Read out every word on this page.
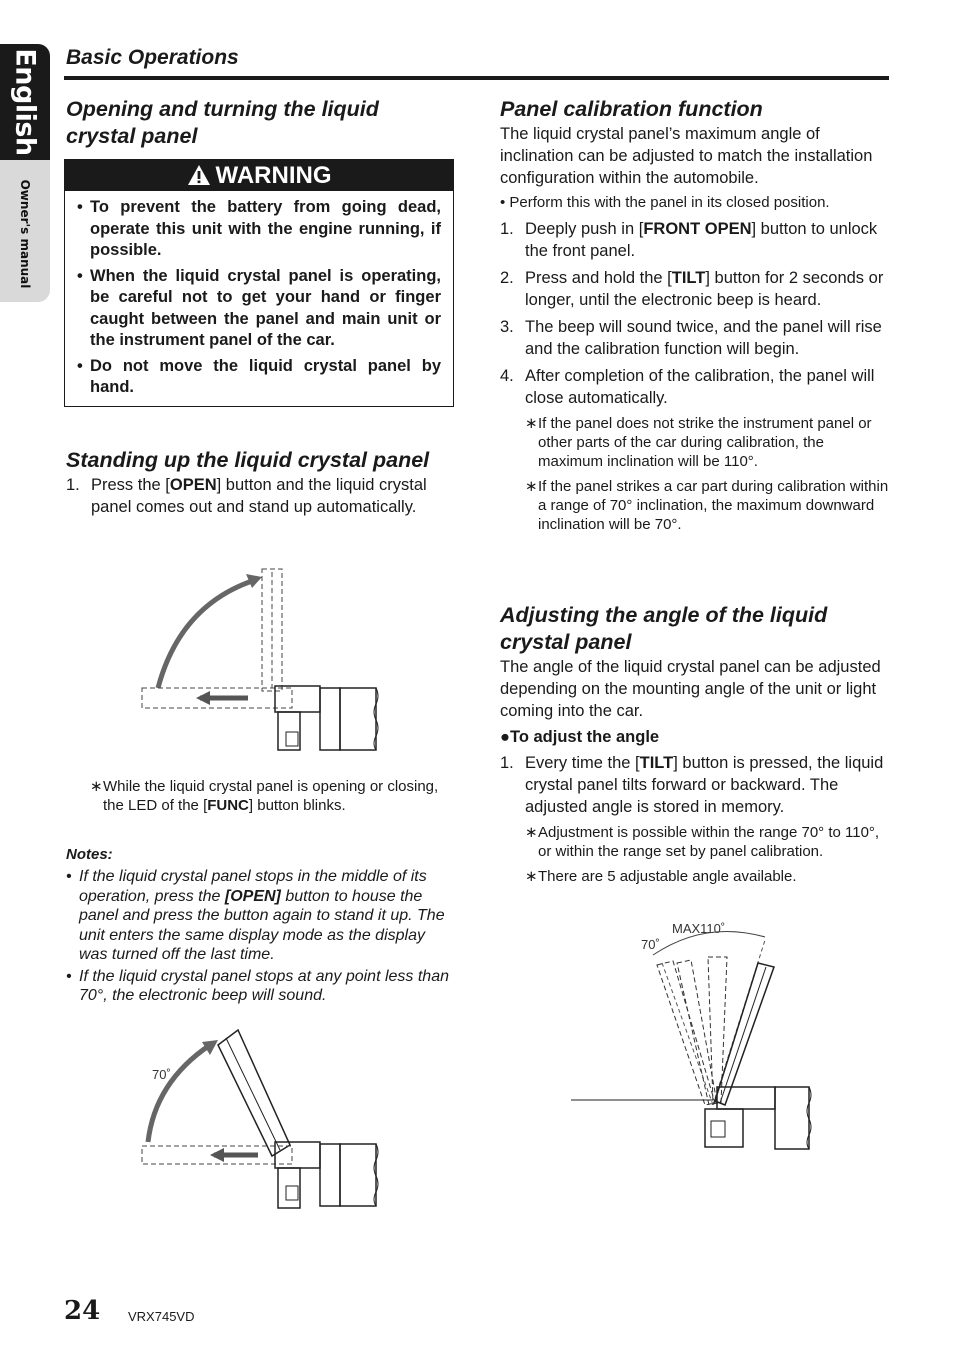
English
Owner's manual
Basic Operations
Opening and turning the liquid crystal panel
WARNING
• To prevent the battery from going dead, operate this unit with the engine running, if possible.
• When the liquid crystal panel is operating, be careful not to get your hand or finger caught between the panel and main unit or the instrument panel of the car.
• Do not move the liquid crystal panel by hand.
Standing up the liquid crystal panel
1. Press the [OPEN] button and the liquid crystal panel comes out and stand up automatically.
∗ While the liquid crystal panel is opening or closing, the LED of the [FUNC] button blinks.
Notes:
• If the liquid crystal panel stops in the middle of its operation, press the [OPEN] button to house the panel and press the button again to stand it up. The unit enters the same display mode as the display was turned off the last time.
• If the liquid crystal panel stops at any point less than 70°, the electronic beep will sound.
70˚
Panel calibration function
The liquid crystal panel’s maximum angle of inclination can be adjusted to match the installation configuration within the automobile.
• Perform this with the panel in its closed position.
1. Deeply push in [FRONT OPEN] button to unlock the front panel.
2. Press and hold the [TILT] button for 2 seconds or longer, until the electronic beep is heard.
3. The beep will sound twice, and the panel will rise and the calibration function will begin.
4. After completion of the calibration, the panel will close automatically.
∗ If the panel does not strike the instrument panel or other parts of the car during calibration, the maximum inclination will be 110°.
∗ If the panel strikes a car part during calibration within a range of 70° inclination, the maximum downward inclination will be 70°.
Adjusting the angle of the liquid crystal panel
The angle of the liquid crystal panel can be adjusted depending on the mounting angle of the unit or light coming into the car.
●To adjust the angle
1. Every time the [TILT] button is pressed, the liquid crystal panel tilts forward or backward. The adjusted angle is stored in memory.
∗ Adjustment is possible within the range 70° to 110°, or within the range set by panel calibration.
∗ There are 5 adjustable angle available.
MAX110˚
70˚
24 VRX745VD
